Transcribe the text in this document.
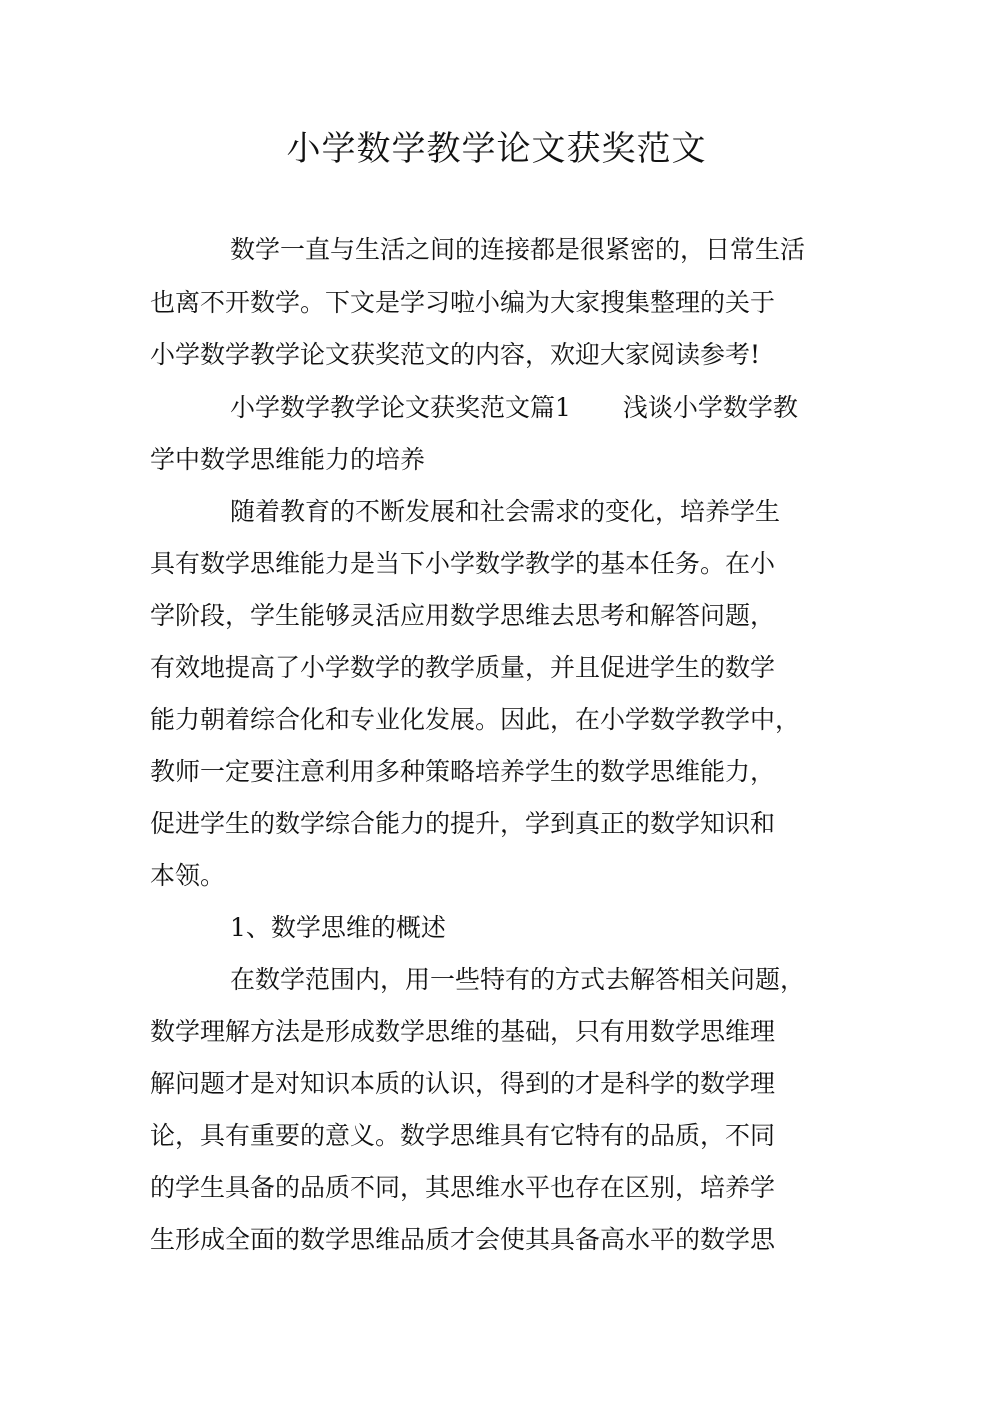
小学数学教学论文获奖范文

数学一直与生活之间的连接都是很紧密的，日常生活

也离不开数学。下文是学习啦小编为大家搜集整理的关于

小学数学教学论文获奖范文的内容，欢迎大家阅读参考!

小学数学教学论文获奖范文篇1 浅谈小学数学教

学中数学思维能力的培养

随着教育的不断发展和社会需求的变化，培养学生

具有数学思维能力是当下小学数学教学的基本任务。在小

学阶段，学生能够灵活应用数学思维去思考和解答问题，

有效地提高了小学数学的教学质量，并且促进学生的数学

能力朝着综合化和专业化发展。因此，在小学数学教学中，

教师一定要注意利用多种策略培养学生的数学思维能力，

促进学生的数学综合能力的提升，学到真正的数学知识和

本领。

1、数学思维的概述

在数学范围内，用一些特有的方式去解答相关问题，

数学理解方法是形成数学思维的基础，只有用数学思维理

解问题才是对知识本质的认识，得到的才是科学的数学理

论，具有重要的意义。数学思维具有它特有的品质，不同

的学生具备的品质不同，其思维水平也存在区别，培养学

生形成全面的数学思维品质才会使其具备高水平的数学思
